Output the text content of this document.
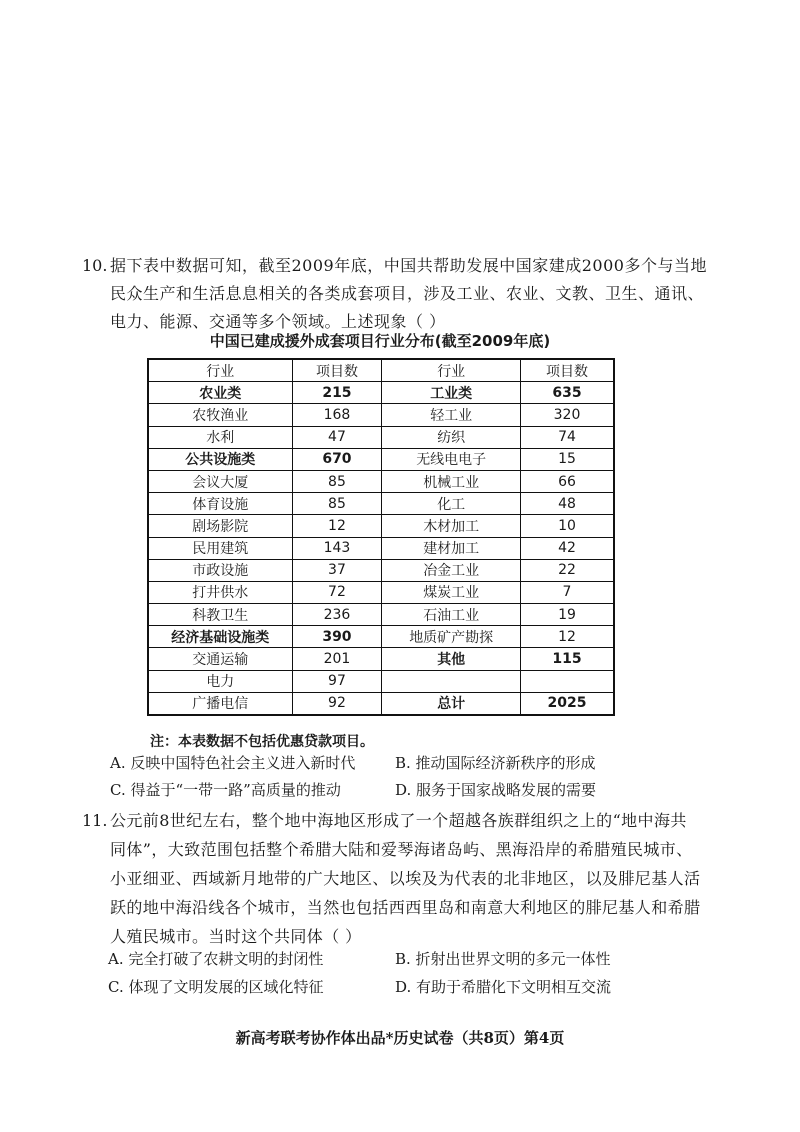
10. 据下表中数据可知，截至2009年底，中国共帮助发展中国家建成2000多个与当地民众生产和生活息息相关的各类成套项目，涉及工业、农业、文教、卫生、通讯、电力、能源、交通等多个领域。上述现象（ ）
中国已建成援外成套项目行业分布(截至2009年底)
行业	项目数	行业	项目数
农业类	215	工业类	635
农牧渔业	168	轻工业	320
水利	47	纺织	74
公共设施类	670	无线电电子	15
会议大厦	85	机械工业	66
体育设施	85	化工	48
剧场影院	12	木材加工	10
民用建筑	143	建材加工	42
市政设施	37	冶金工业	22
打井供水	72	煤炭工业	7
科教卫生	236	石油工业	19
经济基础设施类	390	地质矿产勘探	12
交通运输	201	其他	115
电力	97		
广播电信	92	总计	2025
注：本表数据不包括优惠贷款项目。
A. 反映中国特色社会主义进入新时代	B. 推动国际经济新秩序的形成
C. 得益于“一带一路”高质量的推动	D. 服务于国家战略发展的需要
11. 公元前8世纪左右，整个地中海地区形成了一个超越各族群组织之上的“地中海共同体”，大致范围包括整个希腊大陆和爱琴海诸岛屿、黑海沿岸的希腊殖民城市、小亚细亚、西域新月地带的广大地区、以埃及为代表的北非地区，以及腓尼基人活跃的地中海沿线各个城市，当然也包括西西里岛和南意大利地区的腓尼基人和希腊人殖民城市。当时这个共同体（ ）
A. 完全打破了农耕文明的封闭性	B. 折射出世界文明的多元一体性
C. 体现了文明发展的区域化特征	D. 有助于希腊化下文明相互交流
新高考联考协作体出品*历史试卷（共8页）第4页
